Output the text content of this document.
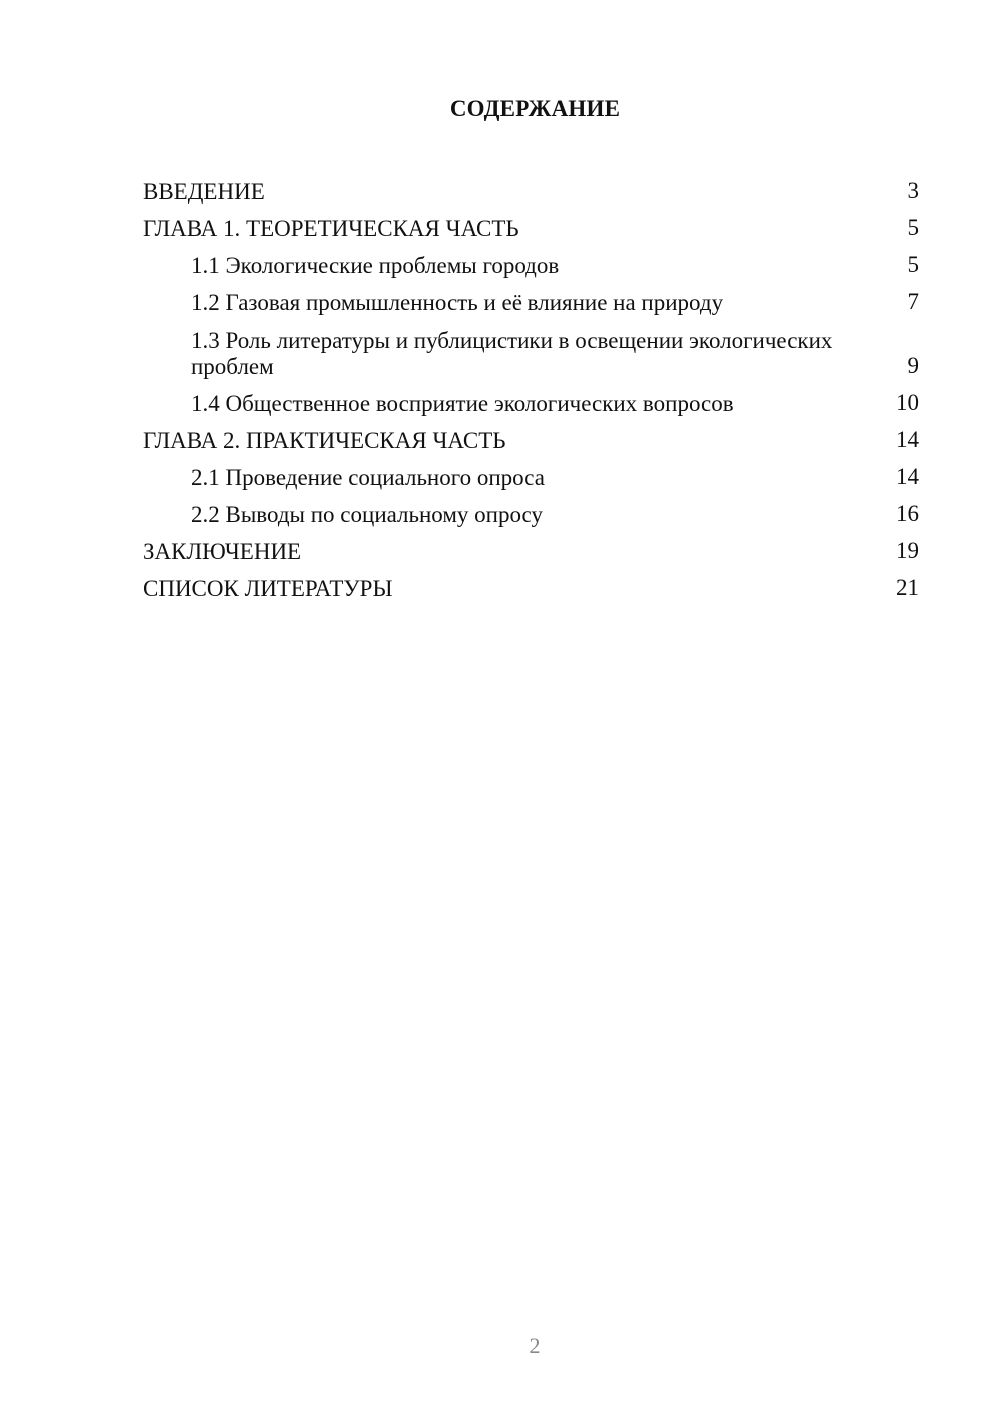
СОДЕРЖАНИЕ
ВВЕДЕНИЕ	3
ГЛАВА 1. ТЕОРЕТИЧЕСКАЯ ЧАСТЬ	5
1.1 Экологические проблемы городов	5
1.2 Газовая промышленность и её влияние на природу	7
1.3 Роль литературы и публицистики в освещении экологических проблем	9
1.4 Общественное восприятие экологических вопросов	10
ГЛАВА 2. ПРАКТИЧЕСКАЯ ЧАСТЬ	14
2.1 Проведение социального опроса	14
2.2 Выводы по социальному опросу	16
ЗАКЛЮЧЕНИЕ	19
СПИСОК ЛИТЕРАТУРЫ	21
2
